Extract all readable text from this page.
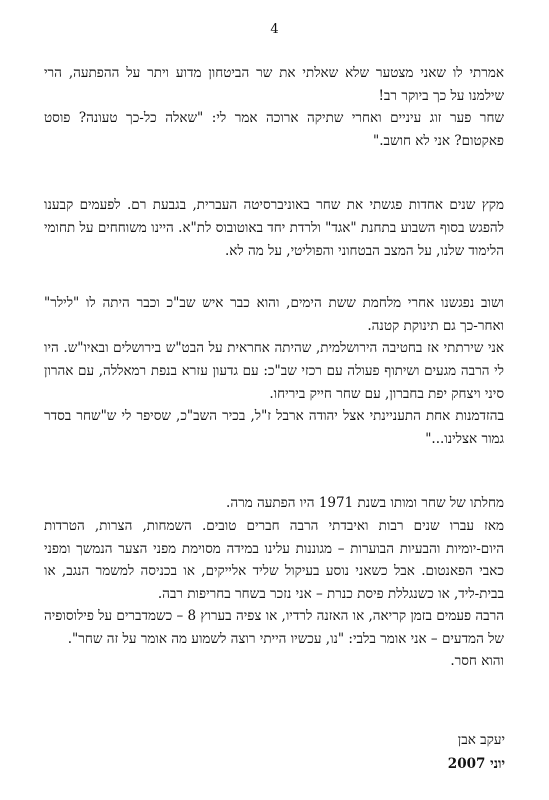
4

אמרתי לו שאני מצטער שלא שאלתי את שר הביטחון מדוע ויתר על ההפתעה, הרי שילמנו על כך ביוקר רב!

שחר פער זוג עיניים ואחרי שתיקה ארוכה אמר לי: "שאלה כל-כך טעונה? פוסט פאקטום? אני לא חושב."

מקץ שנים אחדות פגשתי את שחר באוניברסיטה העברית, בגבעת רם. לפעמים קבענו להפגש בסוף השבוע בתחנת "אגד" ולרדת יחד באוטובוס לת"א. היינו משוחחים על תחומי הלימוד שלנו, על המצב הבטחוני והפוליטי, על מה לא.

ושוב נפגשנו אחרי מלחמת ששת הימים, והוא כבר איש שב"כ וכבר היתה לו "לילר" ואחר-כך גם תינוקת קטנה.

אני שירתתי אז בחטיבה הירושלמית, שהיתה אחראית על הבט"ש בירושלים ובאיו"ש. היו לי הרבה מגעים ושיתוף פעולה עם רכזי שב"כ: עם גדעון עזרא בנפת רמאללה, עם אהרון סיני ויצחק יפת בחברון, עם שחר חייק ביריחו.

בהזדמנות אחת התעניינתי אצל יהודה ארבל ז"ל, בכיר השב"כ, שסיפר לי ש"שחר בסדר גמור אצלינו..."

מחלתו של שחר ומותו בשנת 1971 היו הפתעה מרה.

מאז עברו שנים רבות ואיבדתי הרבה חברים טובים. השמחות, הצרות, הטרדות היום-יומיות והבעיות הבוערות – מגוננות עלינו במידה מסוימת מפני הצער הנמשך ומפני כאבי הפאנטום. אבל כשאני נוסע בעיקול שליד אלייקים, או בכניסה למשמר הנגב, או בבית-ליד, או כשנגללת פיסת כנרת – אני נזכר בשחר בחריפות רבה.

הרבה פעמים בזמן קריאה, או האזנה לרדיו, או צפיה בערוץ 8 – כשמדברים על פילוסופיה של המדעים – אני אומר בלבי: "נו, עכשיו הייתי רוצה לשמוע מה אומר על זה שחר".

והוא חסר.

יעקב אבן
יוני 2007
